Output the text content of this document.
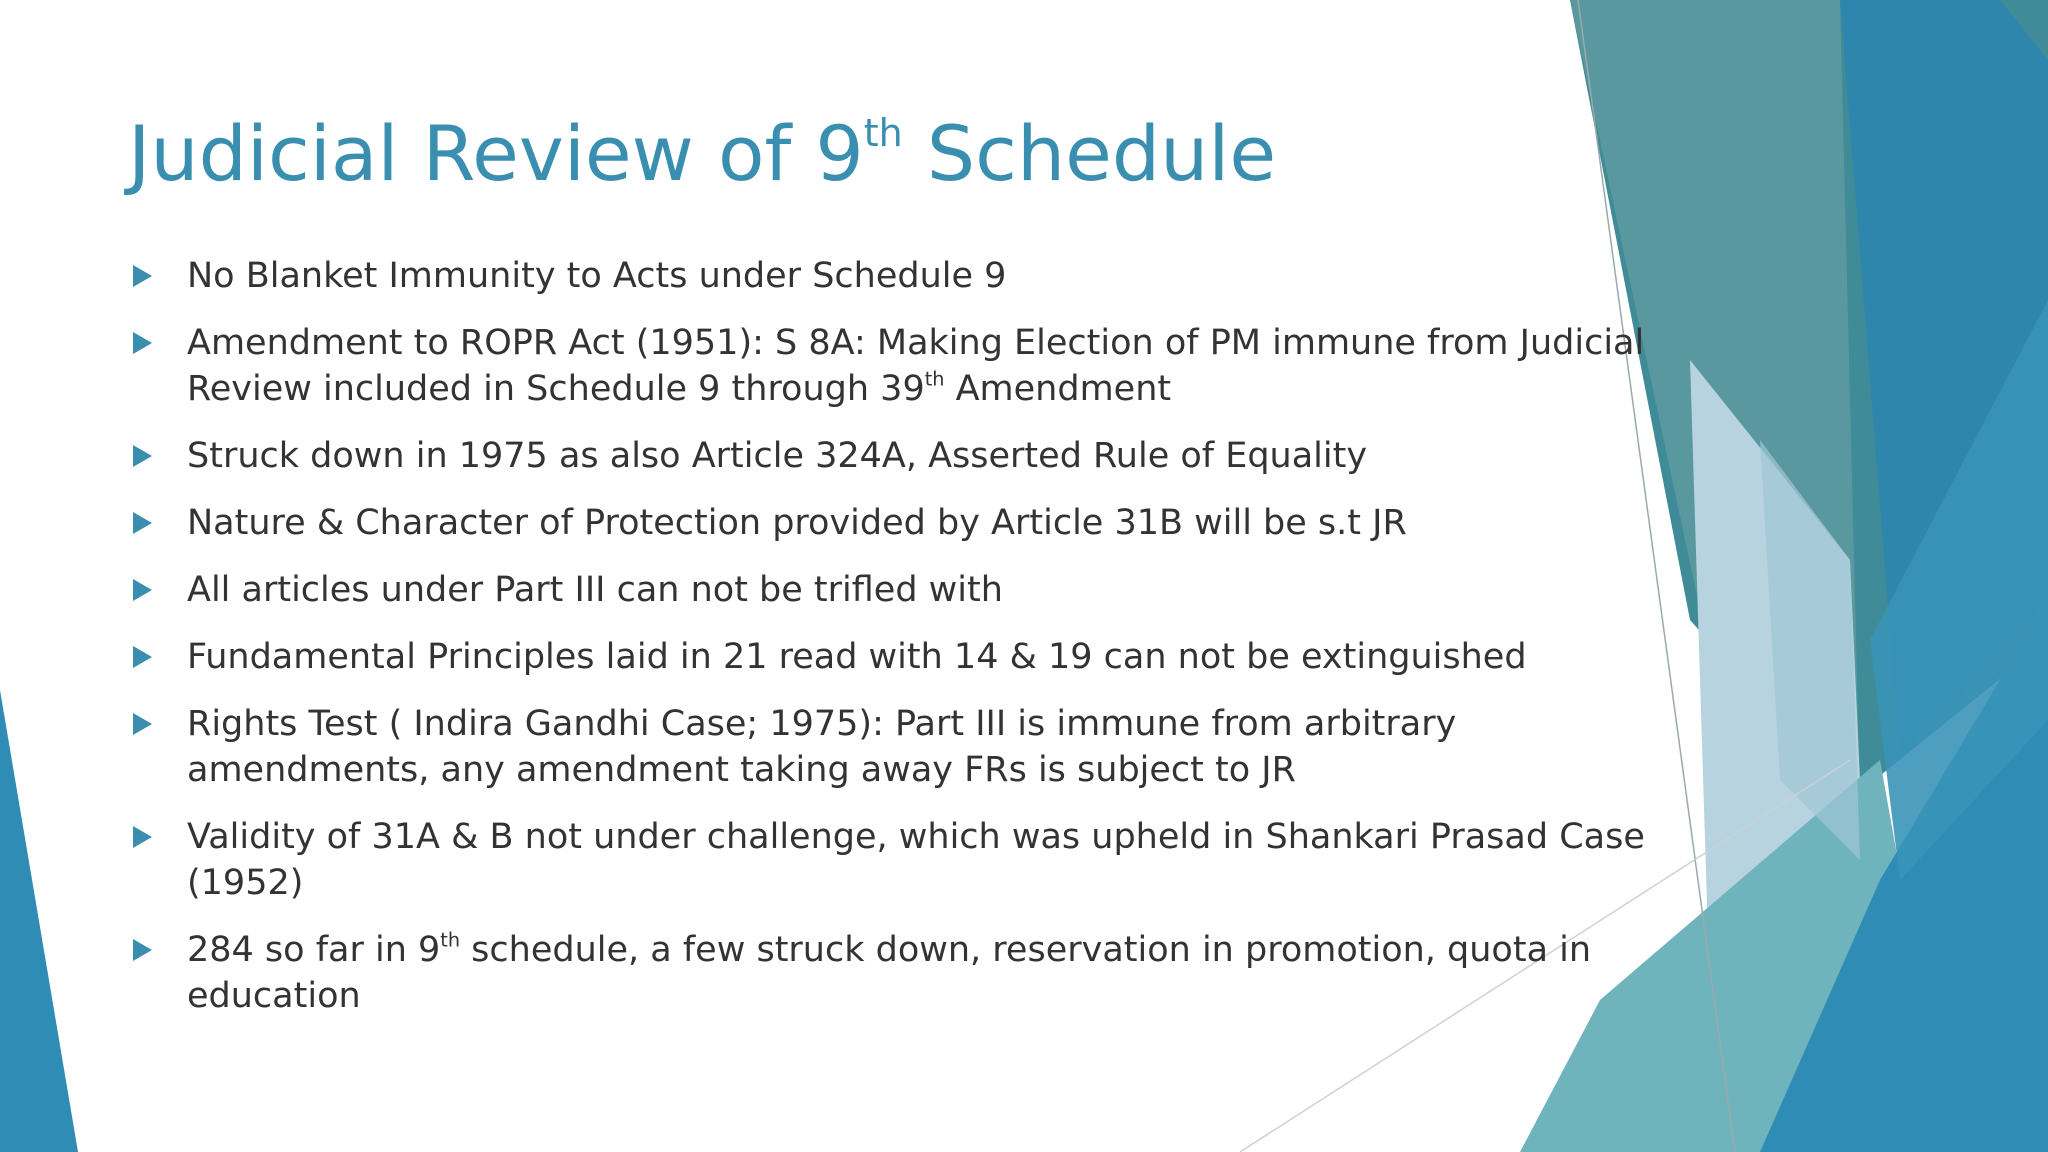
Judicial Review of 9th Schedule
No Blanket Immunity to Acts under Schedule 9
Amendment to ROPR Act (1951): S 8A: Making Election of PM immune from Judicial Review included in Schedule 9 through 39th Amendment
Struck down in 1975 as also Article 324A, Asserted Rule of Equality
Nature & Character of Protection provided by Article 31B will be s.t JR
All articles under Part III can not be trifled with
Fundamental Principles laid in 21 read with 14 & 19 can not be extinguished
Rights Test ( Indira Gandhi Case; 1975): Part III is immune from arbitrary amendments, any amendment taking away FRs is subject to JR
Validity of 31A & B not under challenge, which was upheld in Shankari Prasad Case (1952)
284 so far in 9th schedule, a few struck down, reservation in promotion, quota in education
